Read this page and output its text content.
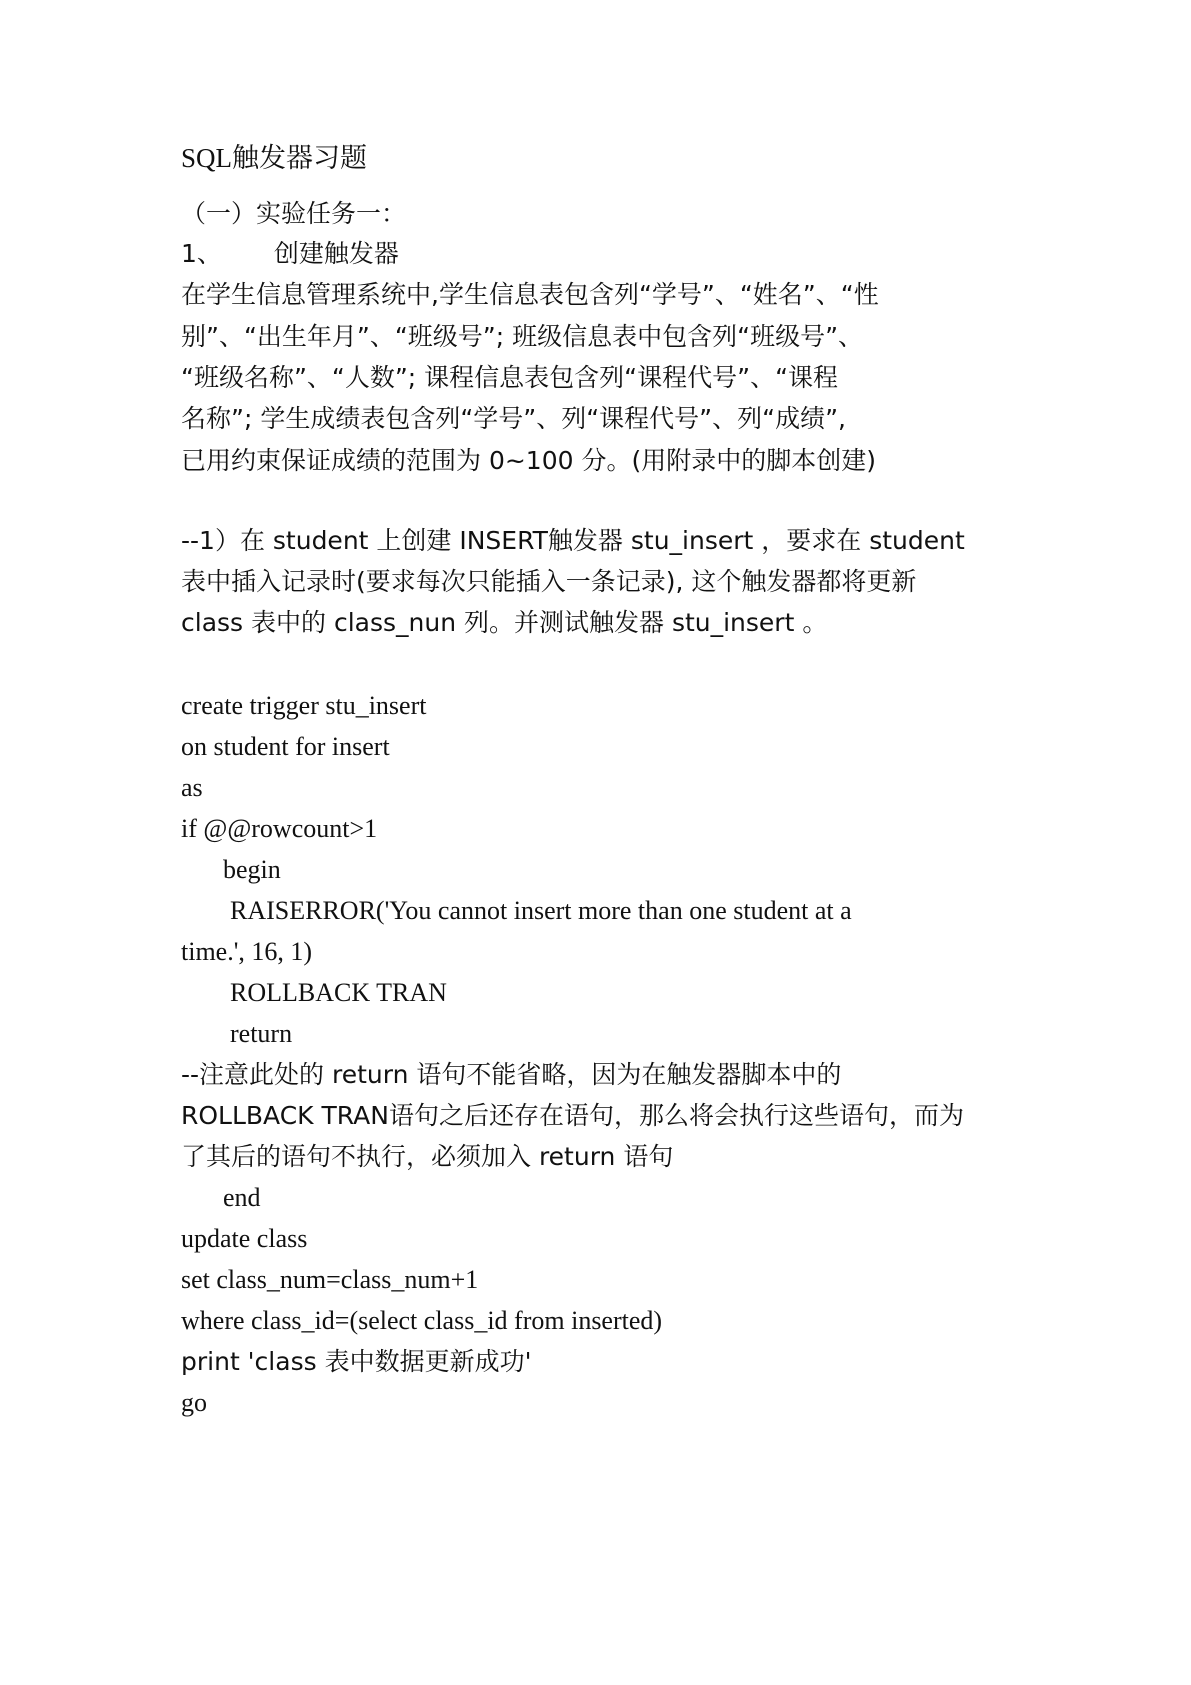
SQL触发器习题
（一）实验任务一：
1、 创建触发器
在学生信息管理系统中,学生信息表包含列“学号”、“姓名”、“性
别”、“出生年月”、“班级号”; 班级信息表中包含列“班级号”、
“班级名称”、“人数”; 课程信息表包含列“课程代号”、“课程
名称”; 学生成绩表包含列“学号”、列“课程代号”、列“成绩”,
已用约束保证成绩的范围为 0~100 分。(用附录中的脚本创建)
--1）在 student 上创建 INSERT触发器 stu_insert ，要求在 student
表中插入记录时(要求每次只能插入一条记录), 这个触发器都将更新
class 表中的 class_nun 列。并测试触发器 stu_insert 。
create trigger stu_insert
on student for insert
as
if @@rowcount>1
begin
RAISERROR('You cannot insert more than one student at a
time.', 16, 1)
ROLLBACK TRAN
return
--注意此处的 return 语句不能省略，因为在触发器脚本中的
ROLLBACK TRAN语句之后还存在语句，那么将会执行这些语句，而为
了其后的语句不执行，必须加入 return 语句
end
update class
set class_num=class_num+1
where class_id=(select class_id from inserted)
print 'class 表中数据更新成功'
go
